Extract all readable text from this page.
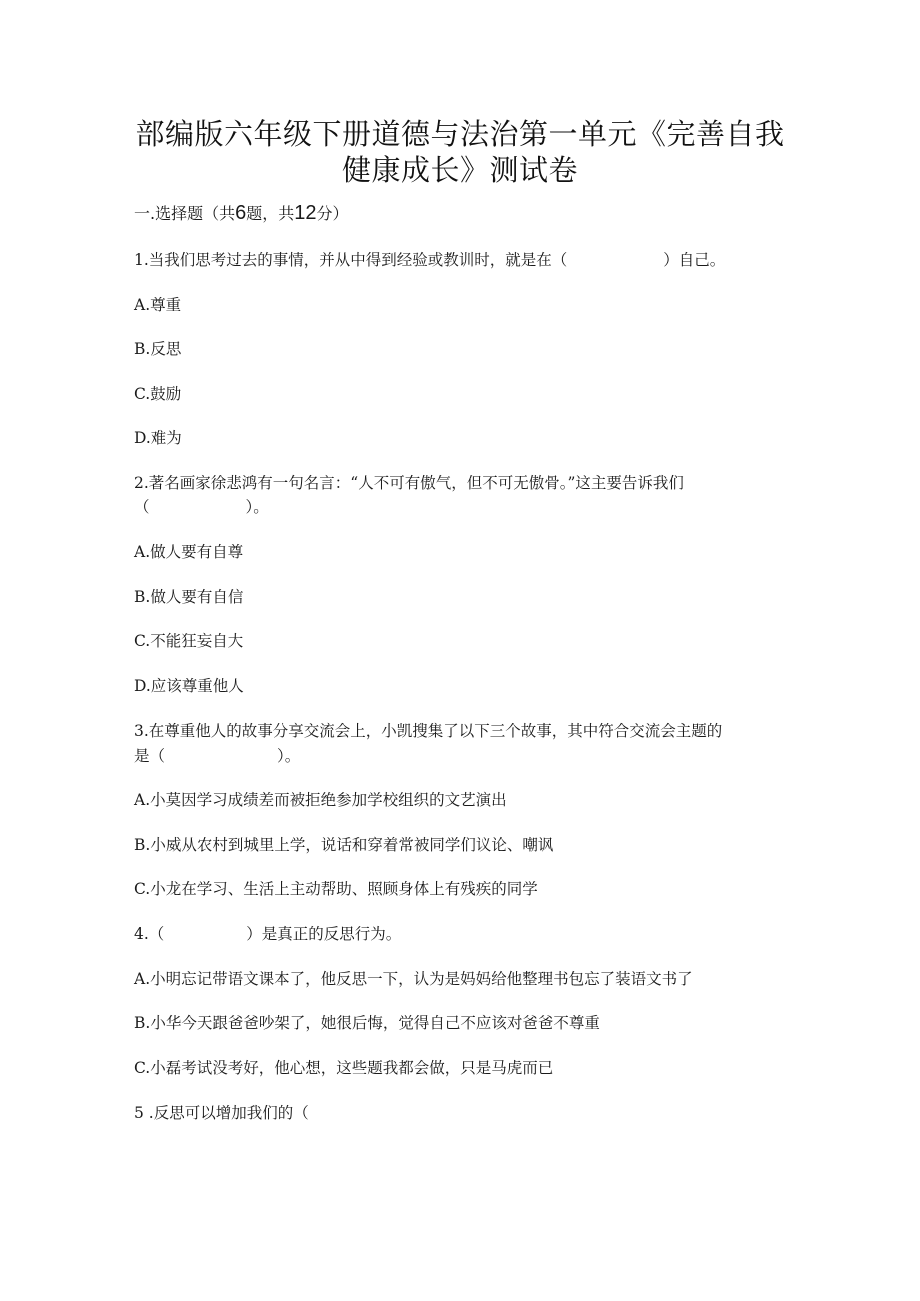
部编版六年级下册道德与法治第一单元《完善自我
健康成长》测试卷
一.选择题（共6题，共12分）
1.当我们思考过去的事情，并从中得到经验或教训时，就是在（	）自己。
A.尊重
B.反思
C.鼓励
D.难为
2.著名画家徐悲鸿有一句名言：“人不可有傲气，但不可无傲骨。”这主要告诉我们
（	）。
A.做人要有自尊
B.做人要有自信
C.不能狂妄自大
D.应该尊重他人
3.在尊重他人的故事分享交流会上，小凯搜集了以下三个故事，其中符合交流会主题的
是（	）。
A.小莫因学习成绩差而被拒绝参加学校组织的文艺演出
B.小威从农村到城里上学，说话和穿着常被同学们议论、嘲讽
C.小龙在学习、生活上主动帮助、照顾身体上有残疾的同学
4.（	）是真正的反思行为。
A.小明忘记带语文课本了，他反思一下，认为是妈妈给他整理书包忘了装语文书了
B.小华今天跟爸爸吵架了，她很后悔，觉得自己不应该对爸爸不尊重
C.小磊考试没考好，他心想，这些题我都会做，只是马虎而已
5 .反思可以增加我们的（
